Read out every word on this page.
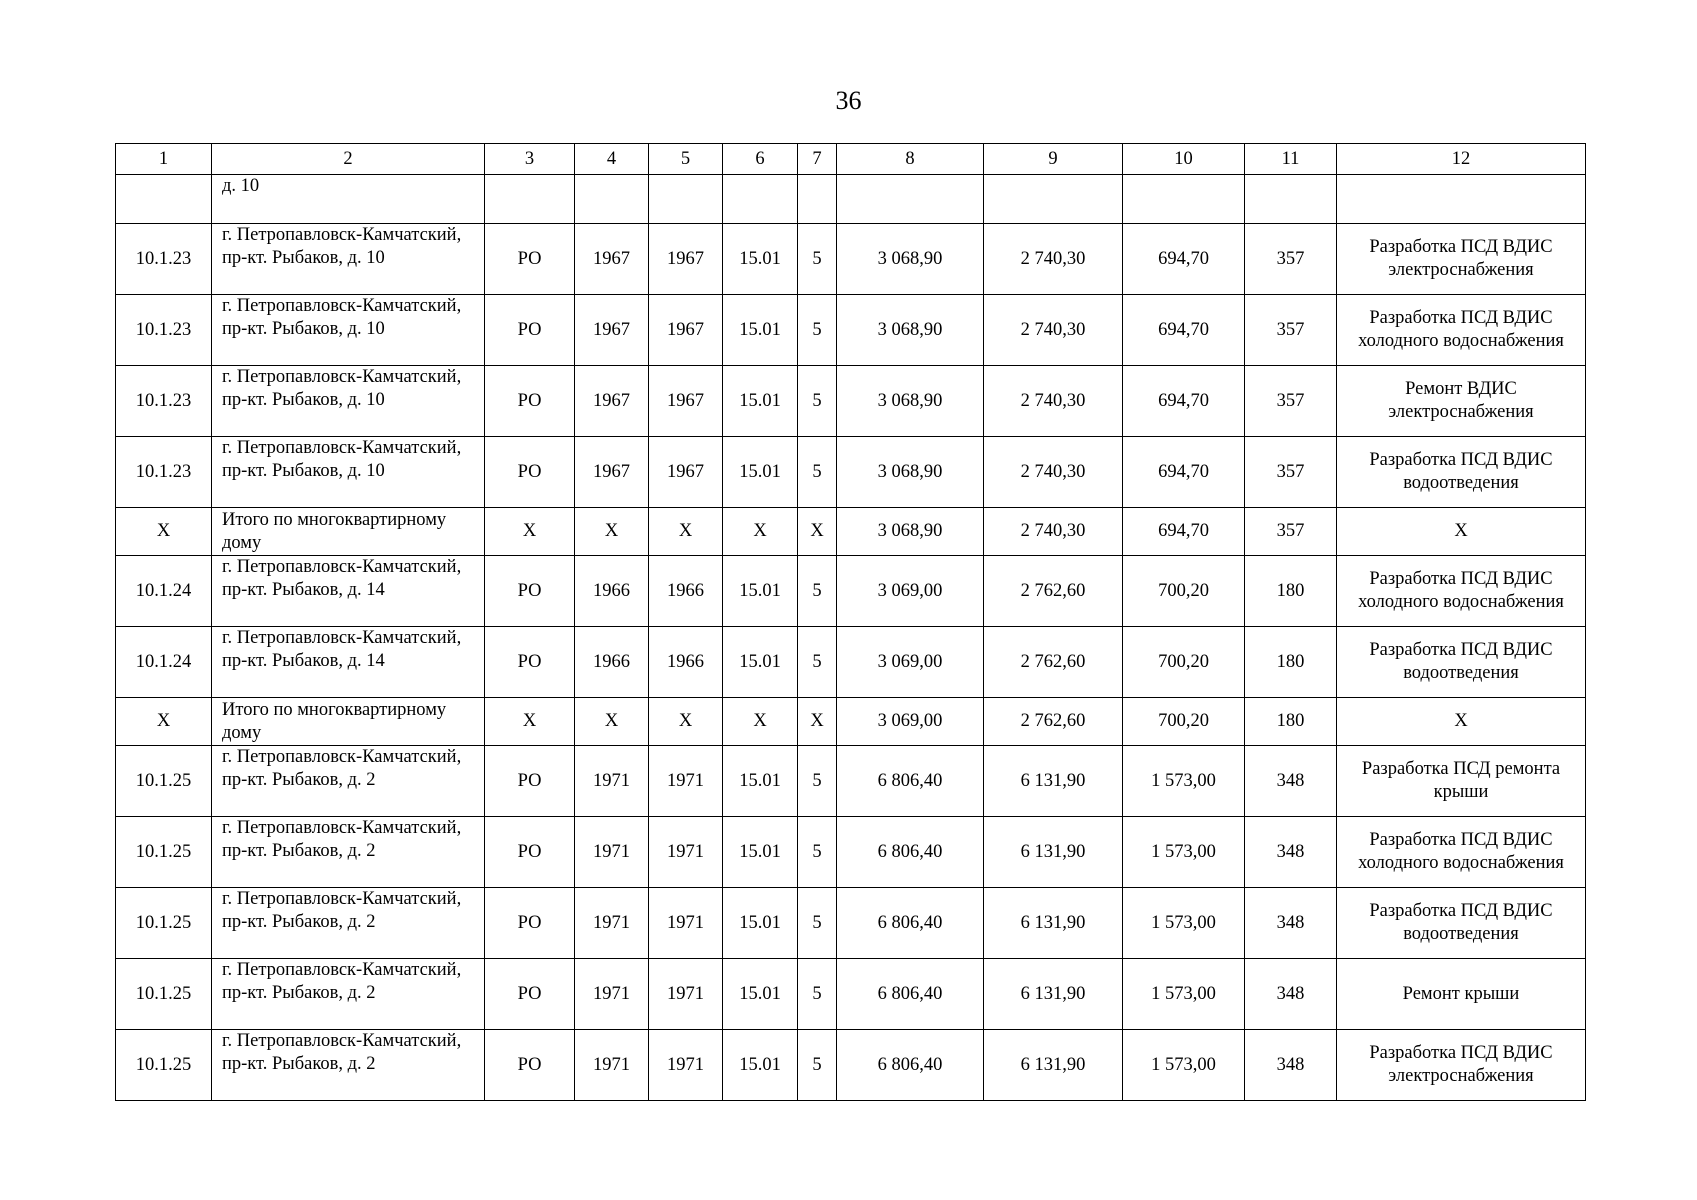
36
1	2	3	4	5	6	7	8	9	10	11	12
	д. 10										
10.1.23	г. Петропавловск-Камчатский, пр-кт. Рыбаков, д. 10	РО	1967	1967	15.01	5	3 068,90	2 740,30	694,70	357	Разработка ПСД ВДИС электроснабжения
10.1.23	г. Петропавловск-Камчатский, пр-кт. Рыбаков, д. 10	РО	1967	1967	15.01	5	3 068,90	2 740,30	694,70	357	Разработка ПСД ВДИС холодного водоснабжения
10.1.23	г. Петропавловск-Камчатский, пр-кт. Рыбаков, д. 10	РО	1967	1967	15.01	5	3 068,90	2 740,30	694,70	357	Ремонт ВДИС электроснабжения
10.1.23	г. Петропавловск-Камчатский, пр-кт. Рыбаков, д. 10	РО	1967	1967	15.01	5	3 068,90	2 740,30	694,70	357	Разработка ПСД ВДИС водоотведения
Х	Итого по многоквартирному дому	Х	Х	Х	Х	Х	3 068,90	2 740,30	694,70	357	Х
10.1.24	г. Петропавловск-Камчатский, пр-кт. Рыбаков, д. 14	РО	1966	1966	15.01	5	3 069,00	2 762,60	700,20	180	Разработка ПСД ВДИС холодного водоснабжения
10.1.24	г. Петропавловск-Камчатский, пр-кт. Рыбаков, д. 14	РО	1966	1966	15.01	5	3 069,00	2 762,60	700,20	180	Разработка ПСД ВДИС водоотведения
Х	Итого по многоквартирному дому	Х	Х	Х	Х	Х	3 069,00	2 762,60	700,20	180	Х
10.1.25	г. Петропавловск-Камчатский, пр-кт. Рыбаков, д. 2	РО	1971	1971	15.01	5	6 806,40	6 131,90	1 573,00	348	Разработка ПСД ремонта крыши
10.1.25	г. Петропавловск-Камчатский, пр-кт. Рыбаков, д. 2	РО	1971	1971	15.01	5	6 806,40	6 131,90	1 573,00	348	Разработка ПСД ВДИС холодного водоснабжения
10.1.25	г. Петропавловск-Камчатский, пр-кт. Рыбаков, д. 2	РО	1971	1971	15.01	5	6 806,40	6 131,90	1 573,00	348	Разработка ПСД ВДИС водоотведения
10.1.25	г. Петропавловск-Камчатский, пр-кт. Рыбаков, д. 2	РО	1971	1971	15.01	5	6 806,40	6 131,90	1 573,00	348	Ремонт крыши
10.1.25	г. Петропавловск-Камчатский, пр-кт. Рыбаков, д. 2	РО	1971	1971	15.01	5	6 806,40	6 131,90	1 573,00	348	Разработка ПСД ВДИС электроснабжения
